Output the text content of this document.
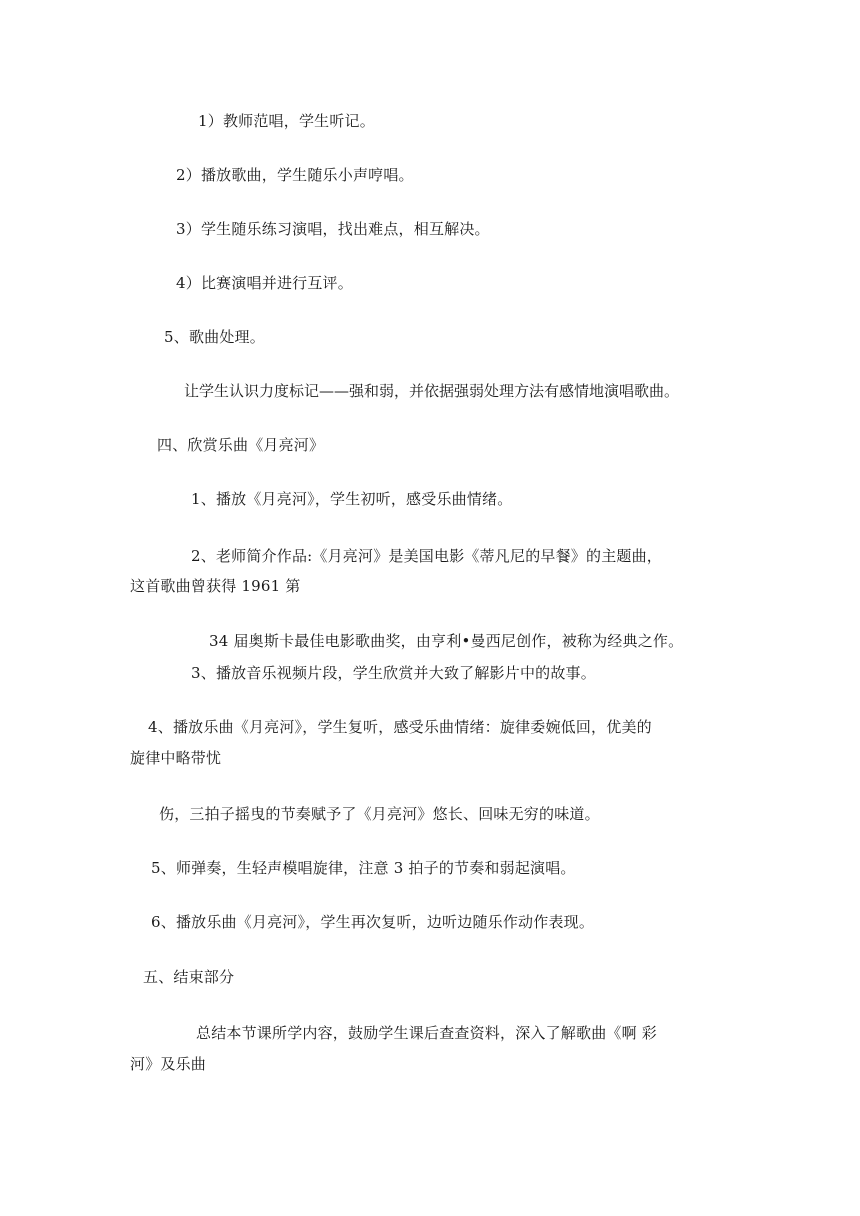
1）教师范唱，学生听记。
2）播放歌曲，学生随乐小声哼唱。
3）学生随乐练习演唱，找出难点，相互解决。
4）比赛演唱并进行互评。
5、歌曲处理。
让学生认识力度标记——强和弱，并依据强弱处理方法有感情地演唱歌曲。
四、欣赏乐曲《月亮河》
1、播放《月亮河》，学生初听，感受乐曲情绪。
2、老师简介作品:《月亮河》是美国电影《蒂凡尼的早餐》的主题曲，
这首歌曲曾获得 1961 第
34 届奥斯卡最佳电影歌曲奖，由亨利•曼西尼创作，被称为经典之作。
3、播放音乐视频片段，学生欣赏并大致了解影片中的故事。
4、播放乐曲《月亮河》，学生复听，感受乐曲情绪：旋律委婉低回，优美的
旋律中略带忧
伤，三拍子摇曳的节奏赋予了《月亮河》悠长、回味无穷的味道。
5、师弹奏，生轻声模唱旋律，注意 3 拍子的节奏和弱起演唱。
6、播放乐曲《月亮河》，学生再次复听，边听边随乐作动作表现。
五、结束部分
总结本节课所学内容，鼓励学生课后查查资料，深入了解歌曲《啊 彩
河》及乐曲
